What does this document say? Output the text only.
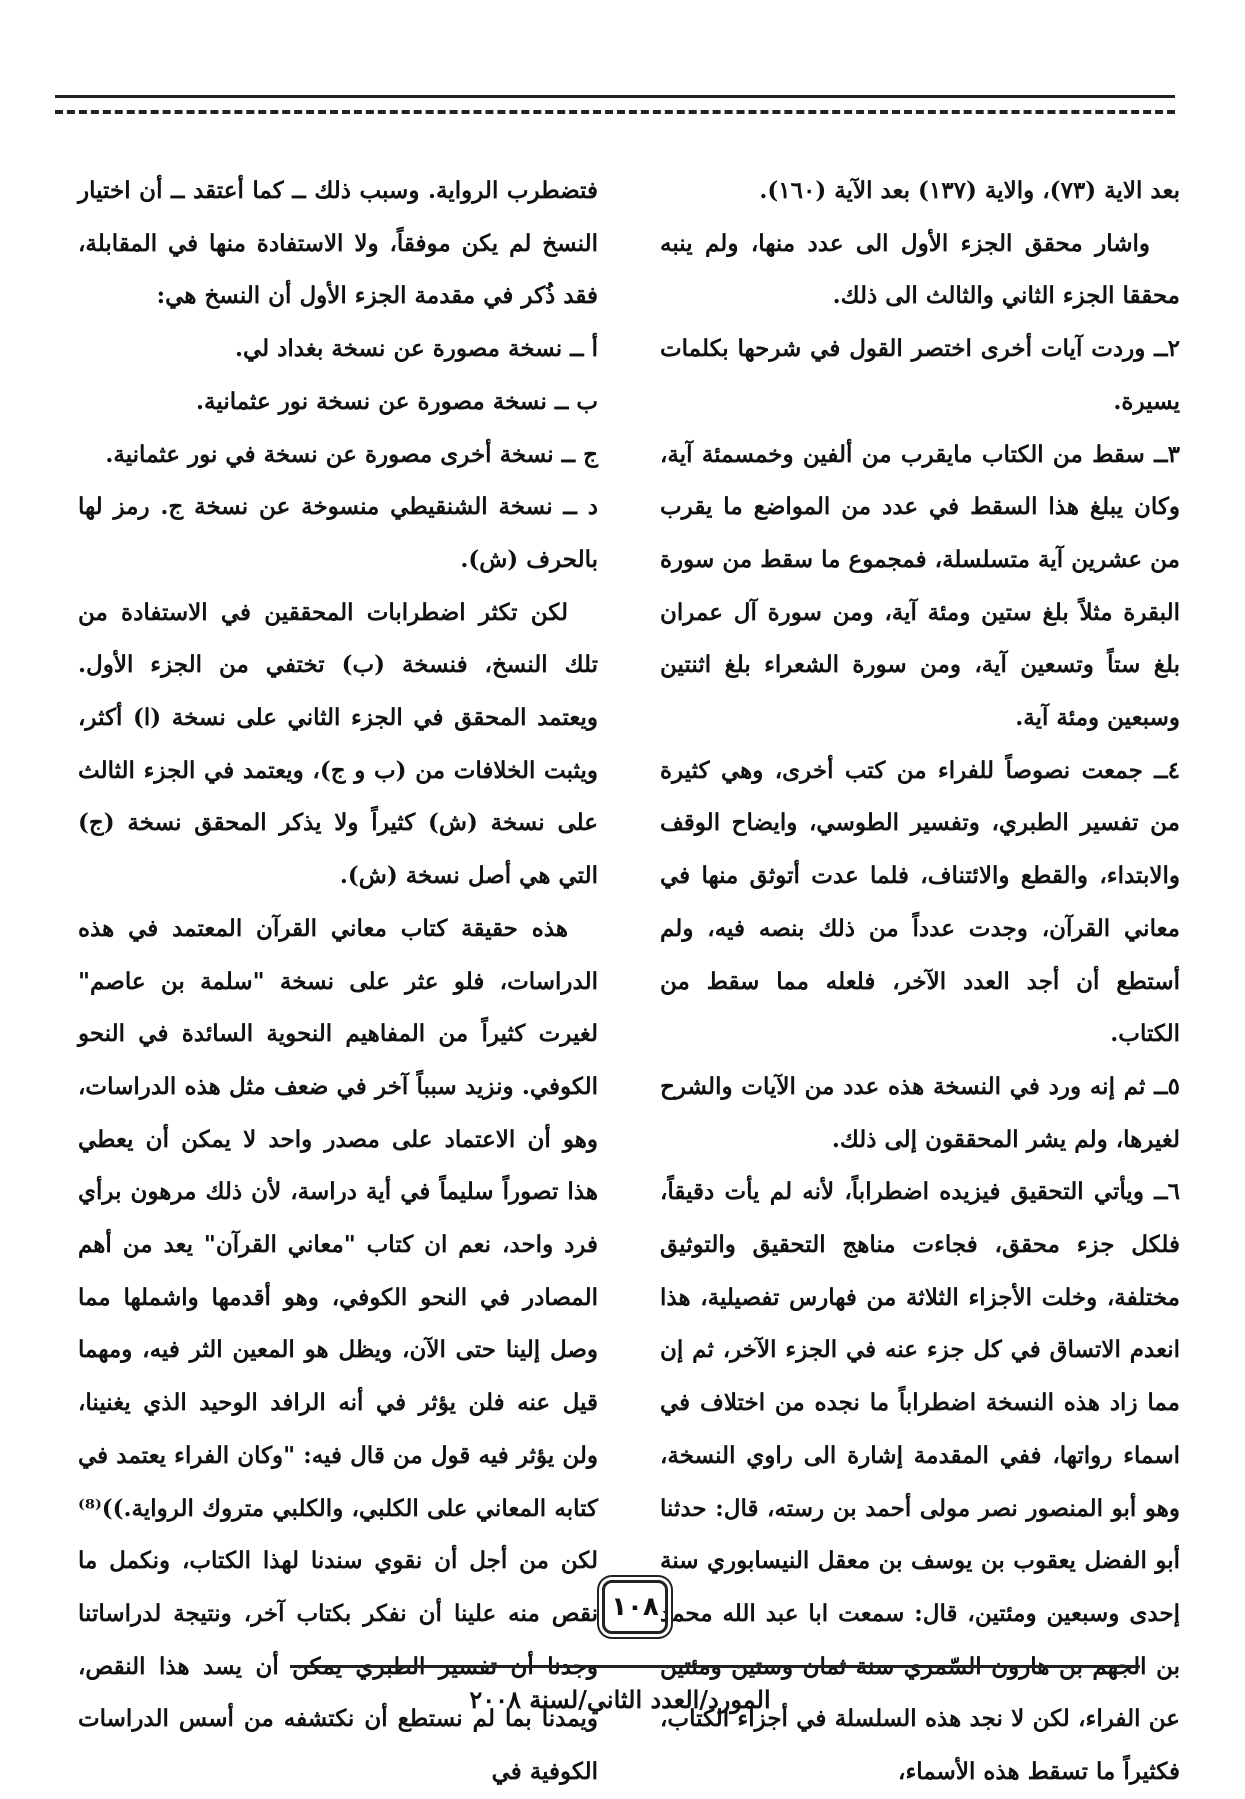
بعد الاية (٧٣)، والاية (١٣٧) بعد الآية (١٦٠).

واشار محقق الجزء الأول الى عدد منها، ولم ينبه محققا الجزء الثاني والثالث الى ذلك.

٢ــ وردت آيات أخرى اختصر القول في شرحها بكلمات يسيرة.

٣ــ سقط من الكتاب مايقرب من ألفين وخمسمئة آية، وكان يبلغ هذا السقط في عدد من المواضع ما يقرب من عشرين آية متسلسلة، فمجموع ما سقط من سورة البقرة مثلاً بلغ ستين ومئة آية، ومن سورة آل عمران بلغ ستاً وتسعين آية، ومن سورة الشعراء بلغ اثنتين وسبعين ومئة آية.

٤ــ جمعت نصوصاً للفراء من كتب أخرى، وهي كثيرة من تفسير الطبري، وتفسير الطوسي، وايضاح الوقف والابتداء، والقطع والائتناف، فلما عدت أتوثق منها في معاني القرآن، وجدت عدداً من ذلك بنصه فيه، ولم أستطع أن أجد العدد الآخر، فلعله مما سقط من الكتاب.

٥ــ ثم إنه ورد في النسخة هذه عدد من الآيات والشرح لغيرها، ولم يشر المحققون إلى ذلك.

٦ــ ويأتي التحقيق فيزيده اضطراباً، لأنه لم يأت دقيقاً، فلكل جزء محقق، فجاءت مناهج التحقيق والتوثيق مختلفة، وخلت الأجزاء الثلاثة من فهارس تفصيلية، هذا انعدم الاتساق في كل جزء عنه في الجزء الآخر، ثم إن مما زاد هذه النسخة اضطراباً ما نجده من اختلاف في اسماء رواتها، ففي المقدمة إشارة الى راوي النسخة، وهو أبو المنصور نصر مولى أحمد بن رسته، قال: حدثنا أبو الفضل يعقوب بن يوسف بن معقل النيسابوري سنة إحدى وسبعين ومئتين، قال: سمعت ابا عبد الله محمد بن الجهم بن هارون السّمري سنة ثمان وستين ومئتين عن الفراء، لكن لا نجد هذه السلسلة في أجزاء الكتاب، فكثيراً ما تسقط هذه الأسماء،

فتضطرب الرواية. وسبب ذلك ــ كما أعتقد ــ أن اختيار النسخ لم يكن موفقاً، ولا الاستفادة منها في المقابلة، فقد ذُكر في مقدمة الجزء الأول أن النسخ هي:

أ ــ نسخة مصورة عن نسخة بغداد لي.

ب ــ نسخة مصورة عن نسخة نور عثمانية.

ج ــ نسخة أخرى مصورة عن نسخة في نور عثمانية.

د ــ نسخة الشنقيطي منسوخة عن نسخة ج. رمز لها بالحرف (ش).

لكن تكثر اضطرابات المحققين في الاستفادة من تلك النسخ، فنسخة (ب) تختفي من الجزء الأول. ويعتمد المحقق في الجزء الثاني على نسخة (ا) أكثر، ويثبت الخلافات من (ب و ج)، ويعتمد في الجزء الثالث على نسخة (ش) كثيراً ولا يذكر المحقق نسخة (ج) التي هي أصل نسخة (ش).

هذه حقيقة كتاب معاني القرآن المعتمد في هذه الدراسات، فلو عثر على نسخة "سلمة بن عاصم" لغيرت كثيراً من المفاهيم النحوية السائدة في النحو الكوفي. ونزيد سبباً آخر في ضعف مثل هذه الدراسات، وهو أن الاعتماد على مصدر واحد لا يمكن أن يعطي هذا تصوراً سليماً في أية دراسة، لأن ذلك مرهون برأي فرد واحد، نعم ان كتاب "معاني القرآن" يعد من أهم المصادر في النحو الكوفي، وهو أقدمها واشملها مما وصل إلينا حتى الآن، ويظل هو المعين الثر فيه، ومهما قيل عنه فلن يؤثر في أنه الرافد الوحيد الذي يغنينا، ولن يؤثر فيه قول من قال فيه: "وكان الفراء يعتمد في كتابه المعاني على الكلبي، والكلبي متروك الرواية.))⁽⁸⁾ لكن من أجل أن نقوي سندنا لهذا الكتاب، ونكمل ما نقص منه علينا أن نفكر بكتاب آخر، ونتيجة لدراساتنا وجدنا أن تفسير الطبري يمكن أن يسد هذا النقص، ويمدنا بما لم نستطع أن نكتشفه من أسس الدراسات الكوفية في

١٠٨
المورد/العدد الثاني/لسنة ٢٠٠٨
